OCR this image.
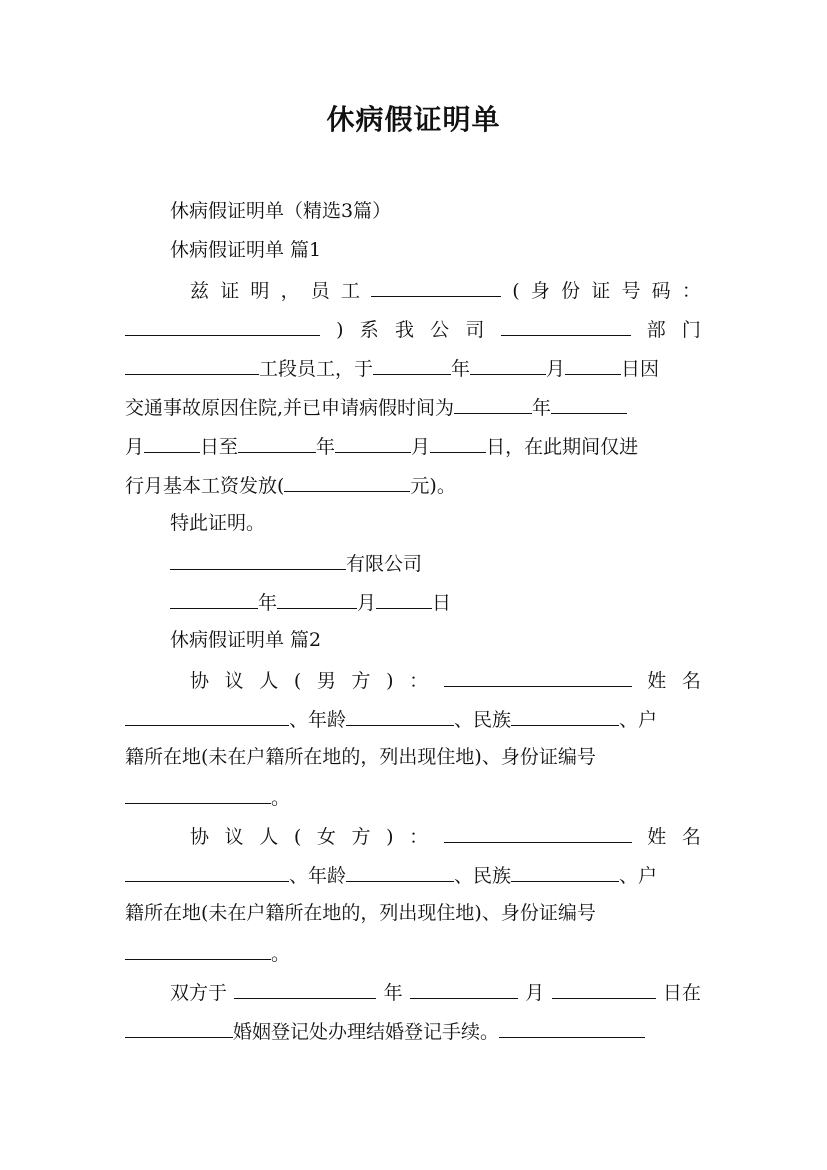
休病假证明单
休病假证明单（精选3篇）
休病假证明单 篇1
兹 证 明 ， 员 工	( 身 份 证 号 码 ：
) 系 我 公 司	部 门
工段员工，于	年	月	日因
交通事故原因住院,并已申请病假时间为	年
月	日至	年	月	日，在此期间仅进
行月基本工资发放(	元)。
特此证明。
有限公司
年	月	日
休病假证明单 篇2
协 议 人 ( 男 方 ) ：	姓 名
、年龄	、民族	、户
籍所在地(未在户籍所在地的，列出现住地)、身份证编号
。
协 议 人 ( 女 方 ) ：	姓 名
、年龄	、民族	、户
籍所在地(未在户籍所在地的，列出现住地)、身份证编号
。
双方于	年	月	日在
婚姻登记处办理结婚登记手续。
